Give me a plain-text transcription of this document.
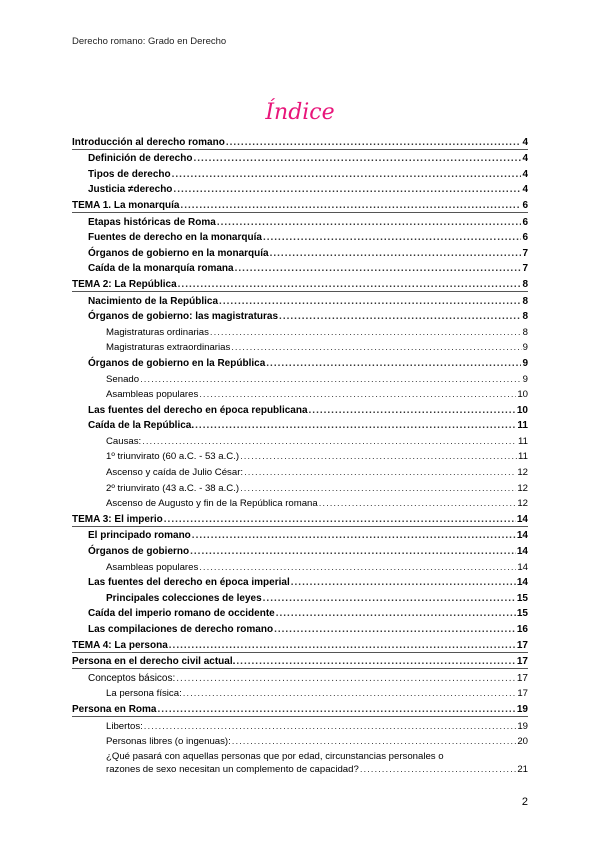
Derecho romano: Grado en Derecho
Índice
Introducción al derecho romano .....	4
Definición de derecho .....	4
Tipos de derecho .....	4
Justicia ≠derecho .....	4
TEMA 1. La monarquía .....	6
Etapas históricas de Roma .....	6
Fuentes de derecho en la monarquía .....	6
Órganos de gobierno en la monarquía .....	7
Caída de la monarquía romana .....	7
TEMA 2: La República .....	8
Nacimiento de la República .....	8
Órganos de gobierno: las magistraturas .....	8
Magistraturas ordinarias .....	8
Magistraturas extraordinarias .....	9
Órganos de gobierno en la República .....	9
Senado .....	9
Asambleas populares .....	10
Las fuentes del derecho en época republicana .....	10
Caída de la República. .....	11
Causas: .....	11
1º triunvirato (60 a.C. - 53 a.C.) .....	11
Ascenso y caída de Julio César: .....	12
2º triunvirato (43 a.C. - 38 a.C.) .....	12
Ascenso de Augusto y fin de la República romana .....	12
TEMA 3: El imperio .....	14
El principado romano .....	14
Órganos de gobierno .....	14
Asambleas populares .....	14
Las fuentes del derecho en época imperial .....	14
Principales colecciones de leyes .....	15
Caída del imperio romano de occidente .....	15
Las compilaciones de derecho romano .....	16
TEMA 4: La persona .....	17
Persona en el derecho civil actual. .....	17
Conceptos básicos: .....	17
La persona física: .....	17
Persona en Roma .....	19
Libertos: .....	19
Personas libres (o ingenuas): .....	20
¿Qué pasará con aquellas personas que por edad, circunstancias personales o
razones de sexo necesitan un complemento de capacidad? .....	21
2
